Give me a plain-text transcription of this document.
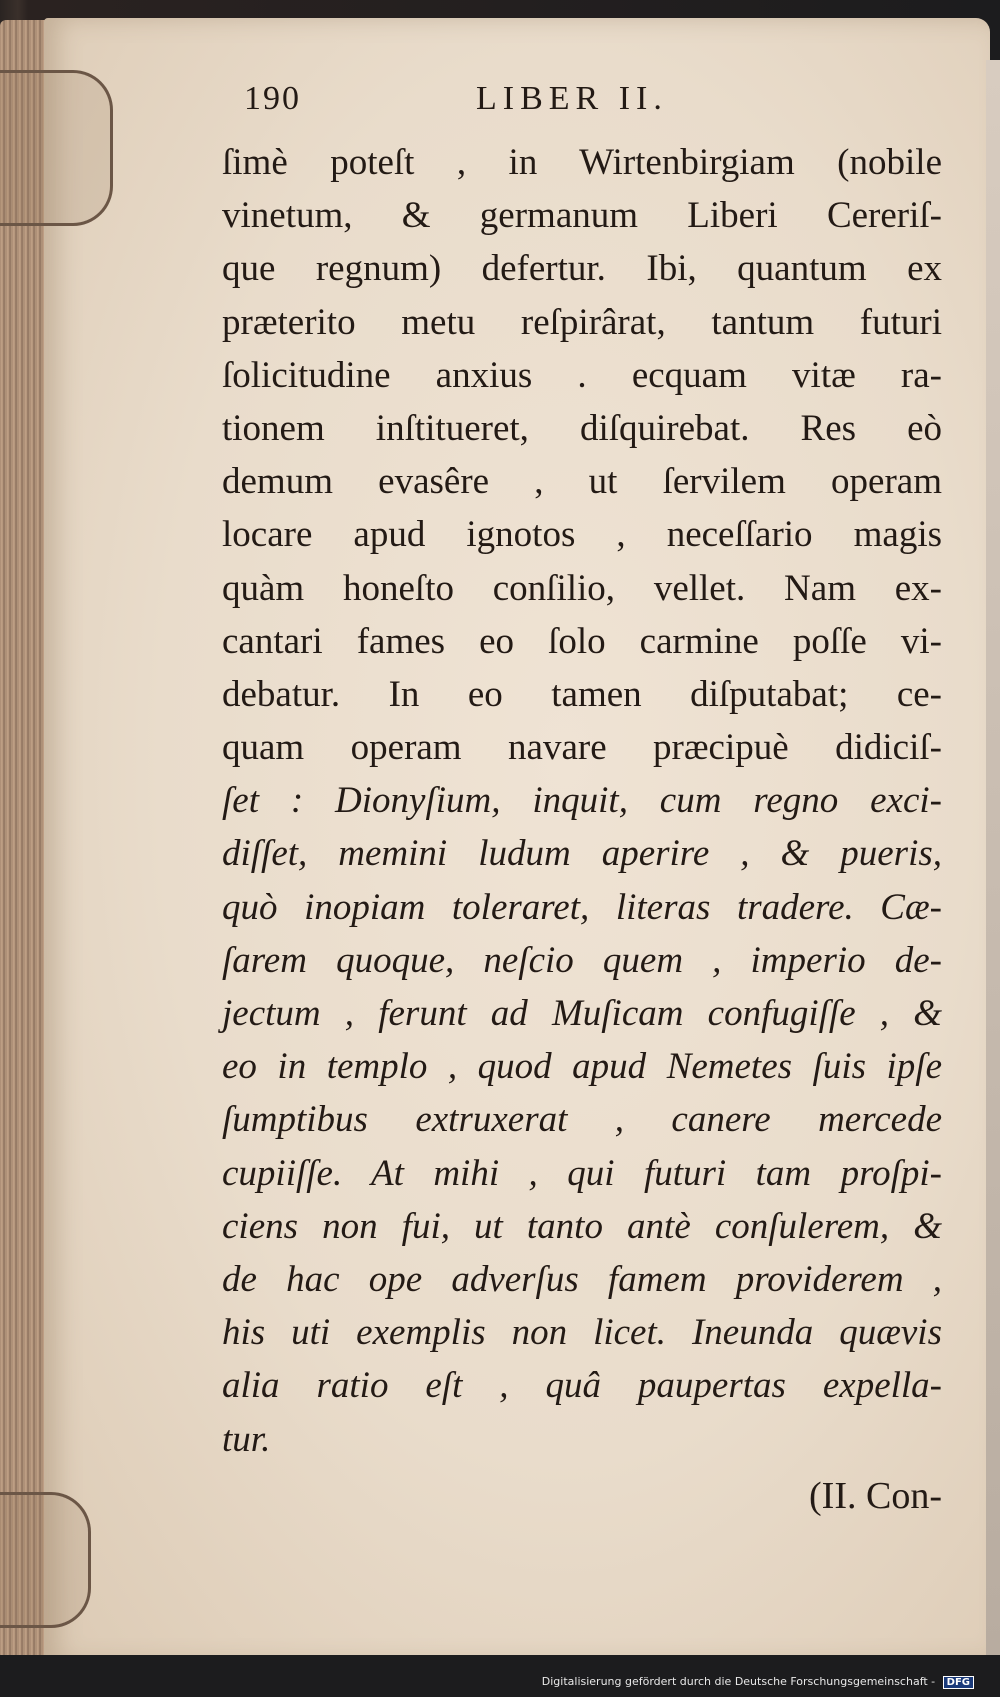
190	LIBER II.
ſimè poteſt , in Wirtenbirgiam (nobile
vinetum, & germanum Liberi Cereriſ-
que regnum) defertur. Ibi, quantum ex
præterito metu reſpirârat, tantum futuri
ſolicitudine anxius . ecquam vitæ ra-
tionem inſtitueret, diſquirebat. Res eò
demum evasêre , ut ſervilem operam
locare apud ignotos , neceſſario magis
quàm honeſto conſilio, vellet. Nam ex-
cantari fames eo ſolo carmine poſſe vi-
debatur. In eo tamen diſputabat; ce-
quam operam navare præcipuè didiciſ-
ſet : Dionyſium, inquit, cum regno exci-
diſſet, memini ludum aperire , & pueris,
quò inopiam toleraret, literas tradere. Cæ-
ſarem quoque, neſcio quem , imperio de-
jectum , ferunt ad Muſicam confugiſſe , &
eo in templo , quod apud Nemetes ſuis ipſe
ſumptibus extruxerat , canere mercede
cupiiſſe. At mihi , qui futuri tam proſpi-
ciens non fui, ut tanto antè conſulerem, &
de hac ope adverſus famem providerem ,
his uti exemplis non licet. Ineunda quævis
alia ratio eſt , quâ paupertas expella-
tur.
(II. Con-
Digitalisierung gefördert durch die Deutsche Forschungsgemeinschaft - DFG
